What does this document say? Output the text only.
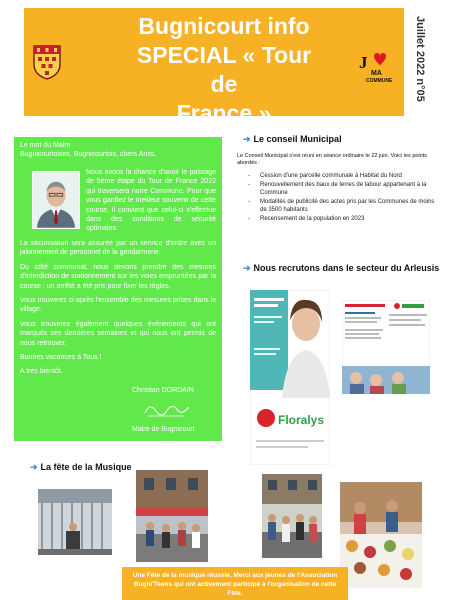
Bugnicourt info
SPECIAL « Tour de
France »
J
MA
COMMUNE Juillet 2022 n°05
Le mot du Maire
Bugnicourtoises, Bugnicourtois, chers Amis,
Nous avons la chance d'avoir le passage de 5ème étape du Tour de France 2022 qui traversera notre Commune. Pour que vous gardiez le meilleur souvenir de cette course, il convient que celui-ci s'effectue dans des conditions de sécurité optimales.

La sécurisation sera assurée par un service d'ordre avec un jalonnement de personnel de la gendarmerie.

Du côté communal, nous devons prendre des mesures d'interdiction de stationnement sur les voies empruntées par la course ; un arrêté a été pris pour fixer les règles.

Vous trouverez ci-après l'ensemble des mesures prises dans le village.

Vous trouverez également quelques évènements qui ont marqués ces dernières semaines et qui nous ont permis de nous retrouver.

Bonnes vacances à Tous !

A très bientôt.

Christian DORDAIN
Maire de Bugnicourt
➔ Le conseil Municipal
Le Conseil Municipal s'est réuni en séance ordinaire le 22 juin. Voici les points abordés :
- Cession d'une parcelle communale à Habitat du Nord
- Renouvellement des baux de terres de labour appartenant à la Commune
- Modalités de publicité des actes pris par les Communes de moins de 3500 habitants
- Recensement de la population en 2023
➔ Nous recrutons dans le secteur du Arleusis
Floralys
➔ La fête de la Musique
Une Fête de la musique réussie. Merci aux jeunes de l'Association Bugni'Teens qui ont activement participé à l'organisation de cette Fête.
